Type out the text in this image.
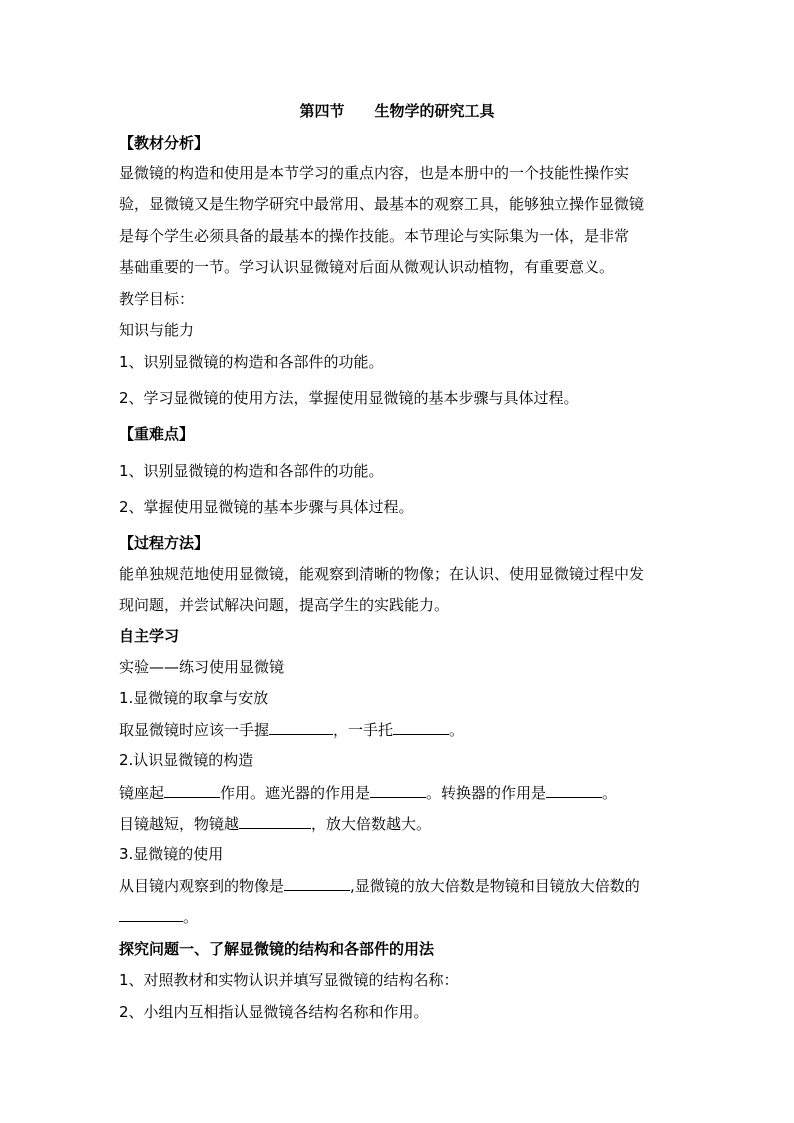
第四节　　生物学的研究工具
【教材分析】
显微镜的构造和使用是本节学习的重点内容，也是本册中的一个技能性操作实
验，显微镜又是生物学研究中最常用、最基本的观察工具，能够独立操作显微镜
是每个学生必须具备的最基本的操作技能。本节理论与实际集为一体，是非常
基础重要的一节。学习认识显微镜对后面从微观认识动植物，有重要意义。
教学目标：
知识与能力
1、识别显微镜的构造和各部件的功能。
2、学习显微镜的使用方法，掌握使用显微镜的基本步骤与具体过程。
【重难点】
1、识别显微镜的构造和各部件的功能。
2、掌握使用显微镜的基本步骤与具体过程。
【过程方法】
能单独规范地使用显微镜，能观察到清晰的物像；在认识、使用显微镜过程中发
现问题，并尝试解决问题，提高学生的实践能力。
自主学习
实验——练习使用显微镜
1.显微镜的取拿与安放
取显微镜时应该一手握	，一手托	。
2.认识显微镜的构造
镜座起	作用。遮光器的作用是	。转换器的作用是	。
目镜越短，物镜越	，放大倍数越大。
3.显微镜的使用
从目镜内观察到的物像是	,显微镜的放大倍数是物镜和目镜放大倍数的
。
探究问题一、了解显微镜的结构和各部件的用法
1、对照教材和实物认识并填写显微镜的结构名称：
2、小组内互相指认显微镜各结构名称和作用。
